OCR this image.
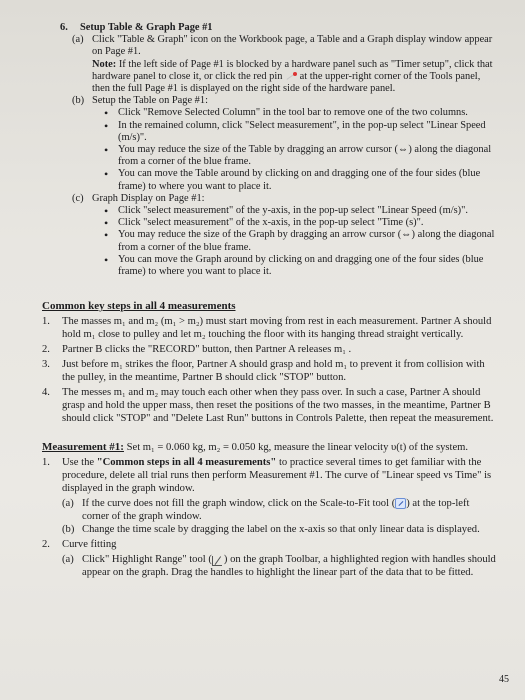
6.	Setup Table & Graph Page #1
(a) Click "Table & Graph" icon on the Workbook page, a Table and a Graph display window appear on Page #1.
Note: If the left side of Page #1 is blocked by a hardware panel such as "Timer setup", click that hardware panel to close it, or click the red pin at the upper-right corner of the Tools panel, then the full Page #1 is displayed on the right side of the hardware panel.
(b) Setup the Table on Page #1:
• Click "Remove Selected Column" in the tool bar to remove one of the two columns.
• In the remained column, click "Select measurement", in the pop-up select "Linear Speed (m/s)".
• You may reduce the size of the Table by dragging an arrow cursor (⇔) along the diagonal from a corner of the blue frame.
• You can move the Table around by clicking on and dragging one of the four sides (blue frame) to where you want to place it.
(c) Graph Display on Page #1:
• Click "select measurement" of the y-axis, in the pop-up select "Linear Speed (m/s)".
• Click "select measurement" of the x-axis, in the pop-up select "Time (s)".
• You may reduce the size of the Graph by dragging an arrow cursor (⇔) along the diagonal from a corner of the blue frame.
• You can move the Graph around by clicking on and dragging one of the four sides (blue frame) to where you want to place it.
Common key steps in all 4 measurements
1.	The masses m₁ and m₂ (m₁ > m₂) must start moving from rest in each measurement. Partner A should hold m₁ close to pulley and let m₂ touching the floor with its hanging thread straight vertically.
2.	Partner B clicks the "RECORD" button, then Partner A releases m₁ .
3.	Just before m₁ strikes the floor, Partner A should grasp and hold m₁ to prevent it from collision with the pulley, in the meantime, Partner B should click "STOP" button.
4.	The messes m₁ and m₂ may touch each other when they pass over. In such a case, Partner A should grasp and hold the upper mass, then reset the positions of the two masses, in the meantime, Partner B should click "STOP" and "Delete Last Run" buttons in Controls Palette, then repeat the measurement.
Measurement #1: Set m₁ = 0.060 kg, m₂ = 0.050 kg, measure the linear velocity υ(t) of the system.
1.	Use the "Common steps in all 4 measurements" to practice several times to get familiar with the procedure, delete all trial runs then perform Measurement #1. The curve of "Linear speed vs Time" is displayed in the graph window.
(a) If the curve does not fill the graph window, click on the Scale-to-Fit tool ( ) at the top-left corner of the graph window.
(b) Change the time scale by dragging the label on the x-axis so that only linear data is displayed.
2.	Curve fitting
(a) Click" Highlight Range" tool ( ) on the graph Toolbar, a highlighted region with handles should appear on the graph. Drag the handles to highlight the linear part of the data that to be fitted.
45
